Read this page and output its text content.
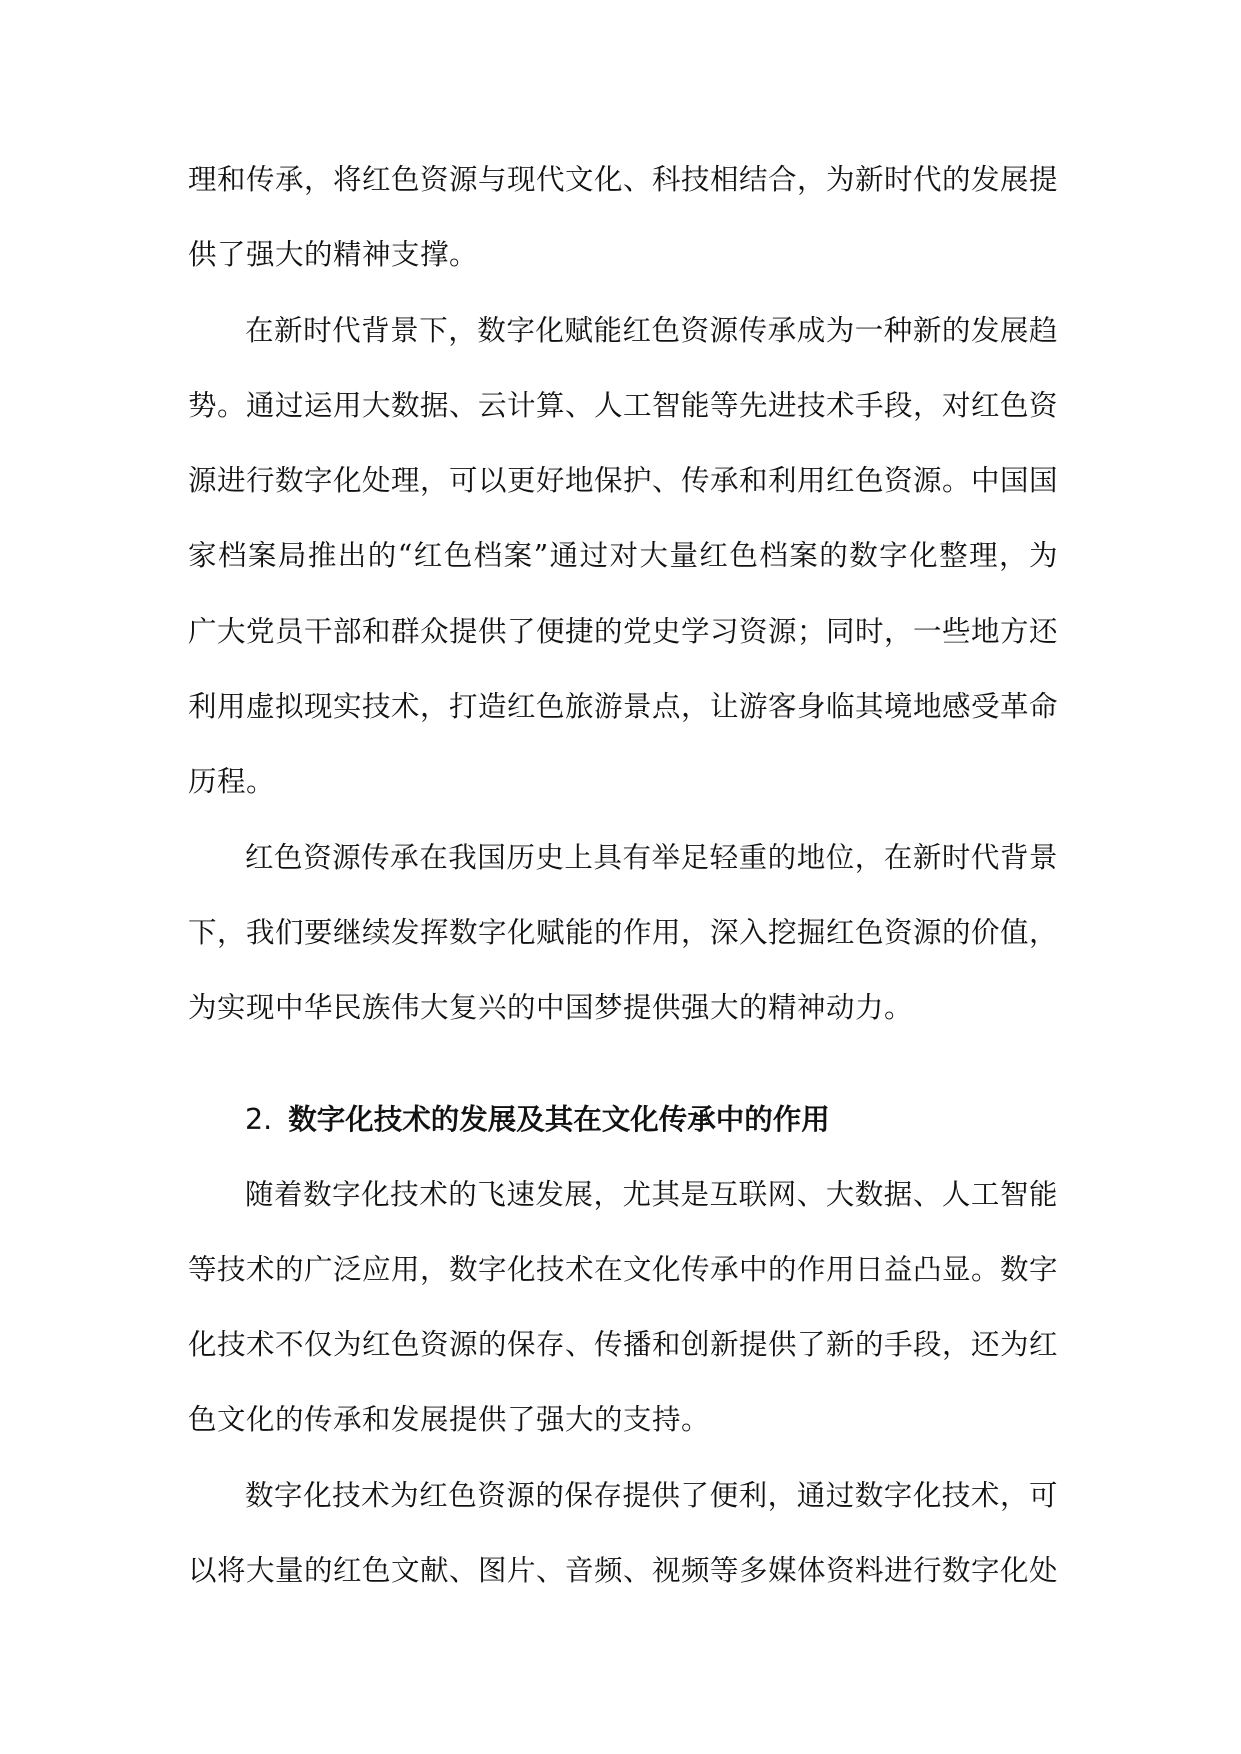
理和传承，将红色资源与现代文化、科技相结合，为新时代的发展提供了强大的精神支撑。

在新时代背景下，数字化赋能红色资源传承成为一种新的发展趋势。通过运用大数据、云计算、人工智能等先进技术手段，对红色资源进行数字化处理，可以更好地保护、传承和利用红色资源。中国国家档案局推出的“红色档案”通过对大量红色档案的数字化整理，为广大党员干部和群众提供了便捷的党史学习资源；同时，一些地方还利用虚拟现实技术，打造红色旅游景点，让游客身临其境地感受革命历程。

红色资源传承在我国历史上具有举足轻重的地位，在新时代背景下，我们要继续发挥数字化赋能的作用，深入挖掘红色资源的价值，为实现中华民族伟大复兴的中国梦提供强大的精神动力。

2. 数字化技术的发展及其在文化传承中的作用

随着数字化技术的飞速发展，尤其是互联网、大数据、人工智能等技术的广泛应用，数字化技术在文化传承中的作用日益凸显。数字化技术不仅为红色资源的保存、传播和创新提供了新的手段，还为红色文化的传承和发展提供了强大的支持。

数字化技术为红色资源的保存提供了便利，通过数字化技术，可以将大量的红色文献、图片、音频、视频等多媒体资料进行数字化处
